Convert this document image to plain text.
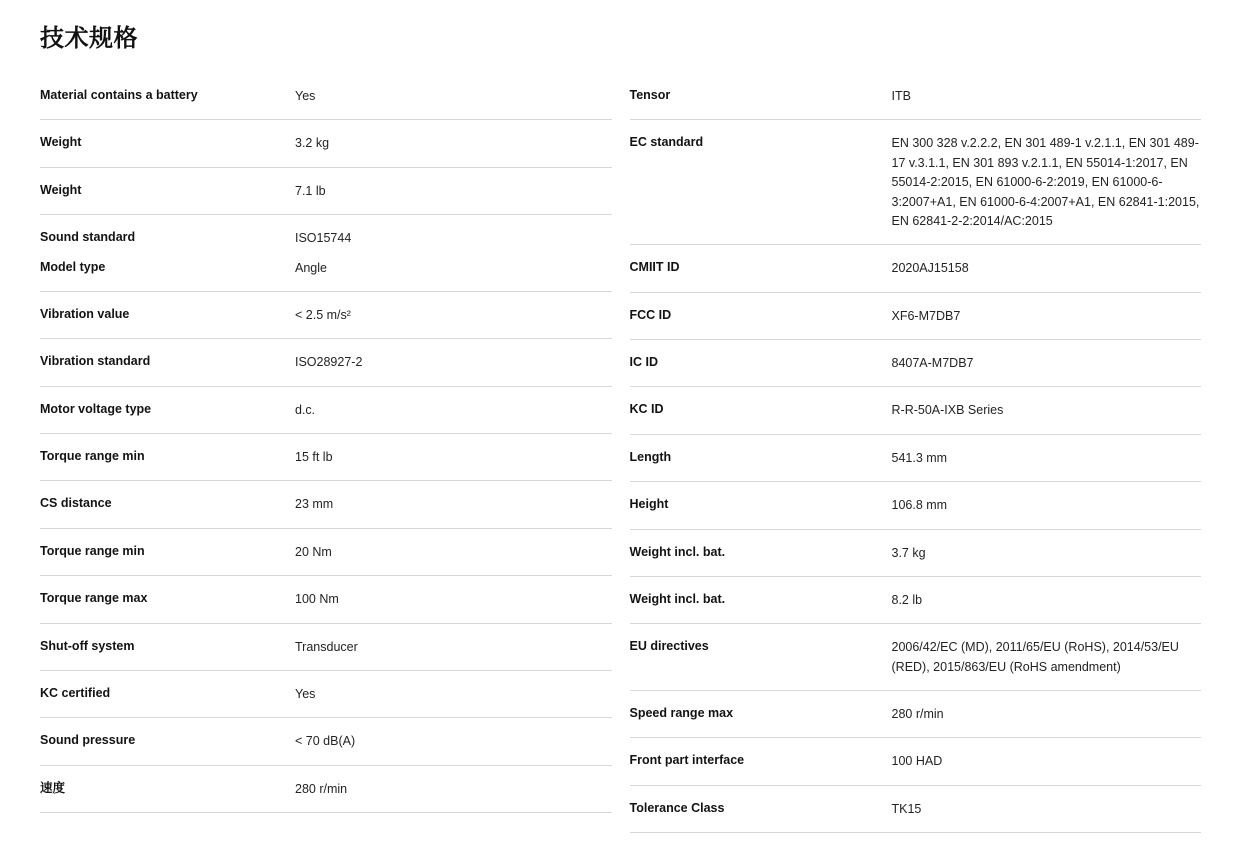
技术规格
Material contains a battery	Yes
Weight	3.2 kg
Weight	7.1 lb
Sound standard	ISO15744
Model type	Angle
Vibration value	< 2.5 m/s²
Vibration standard	ISO28927-2
Motor voltage type	d.c.
Torque range min	15 ft lb
CS distance	23 mm
Torque range min	20 Nm
Torque range max	100 Nm
Shut-off system	Transducer
KC certified	Yes
Sound pressure	< 70 dB(A)
速度	280 r/min
Tensor	ITB
EC standard	EN 300 328 v.2.2.2, EN 301 489-1 v.2.1.1, EN 301 489-17 v.3.1.1, EN 301 893 v.2.1.1, EN 55014-1:2017, EN 55014-2:2015, EN 61000-6-2:2019, EN 61000-6-3:2007+A1, EN 61000-6-4:2007+A1, EN 62841-1:2015, EN 62841-2-2:2014/AC:2015
CMIIT ID	2020AJ15158
FCC ID	XF6-M7DB7
IC ID	8407A-M7DB7
KC ID	R-R-50A-IXB Series
Length	541.3 mm
Height	106.8 mm
Weight incl. bat.	3.7 kg
Weight incl. bat.	8.2 lb
EU directives	2006/42/EC (MD), 2011/65/EU (RoHS), 2014/53/EU (RED), 2015/863/EU (RoHS amendment)
Speed range max	280 r/min
Front part interface	100 HAD
Tolerance Class	TK15
